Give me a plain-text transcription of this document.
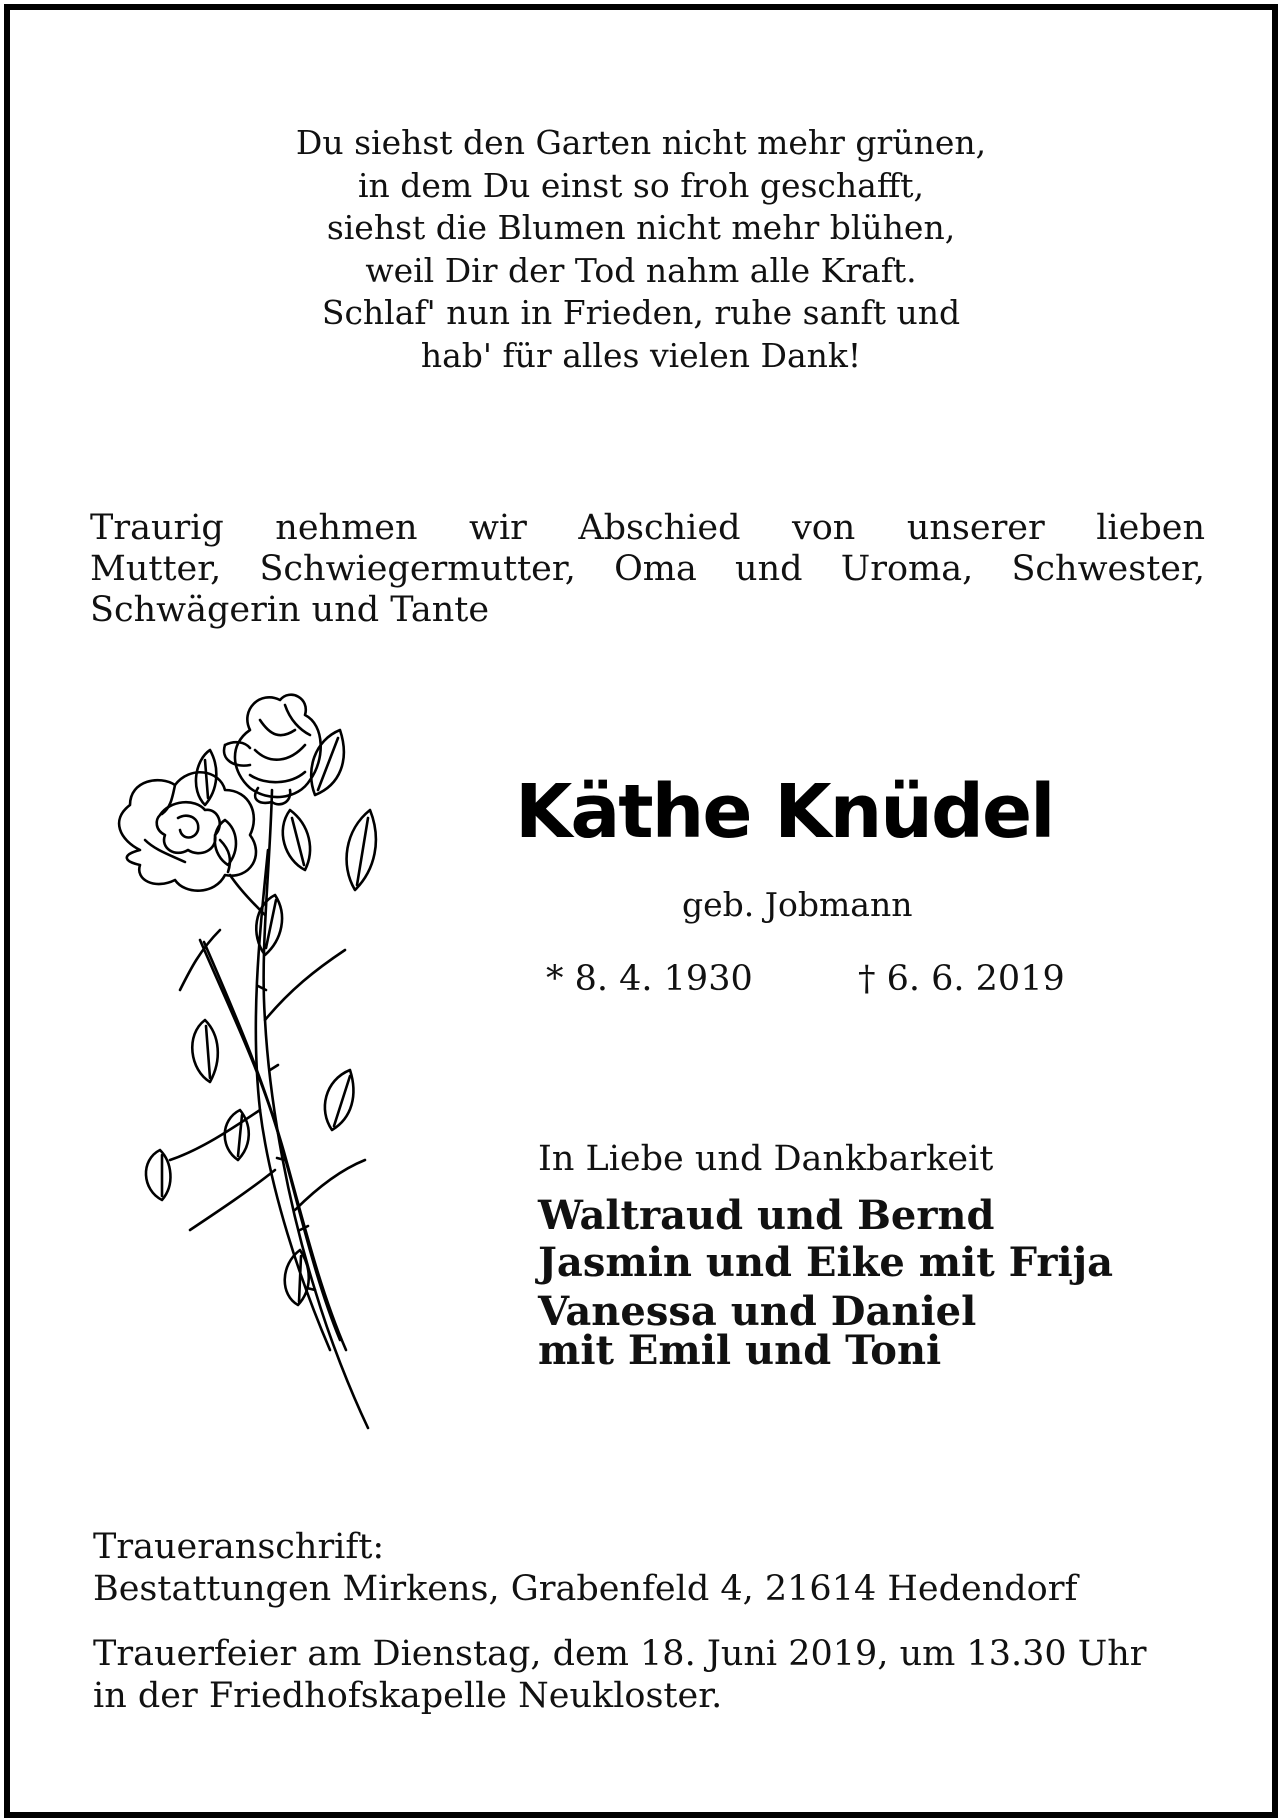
Du siehst den Garten nicht mehr grünen,
in dem Du einst so froh geschafft,
siehst die Blumen nicht mehr blühen,
weil Dir der Tod nahm alle Kraft.
Schlaf' nun in Frieden, ruhe sanft und
hab' für alles vielen Dank!
Traurig nehmen wir Abschied von unserer lieben
Mutter, Schwiegermutter, Oma und Uroma, Schwester,
Schwägerin und Tante
Käthe Knüdel
geb. Jobmann
* 8. 4. 1930	† 6. 6. 2019
In Liebe und Dankbarkeit
Waltraud und Bernd
Jasmin und Eike mit Frija
Vanessa und Daniel
mit Emil und Toni
Traueranschrift:
Bestattungen Mirkens, Grabenfeld 4, 21614 Hedendorf
Trauerfeier am Dienstag, dem 18. Juni 2019, um 13.30 Uhr
in der Friedhofskapelle Neukloster.
